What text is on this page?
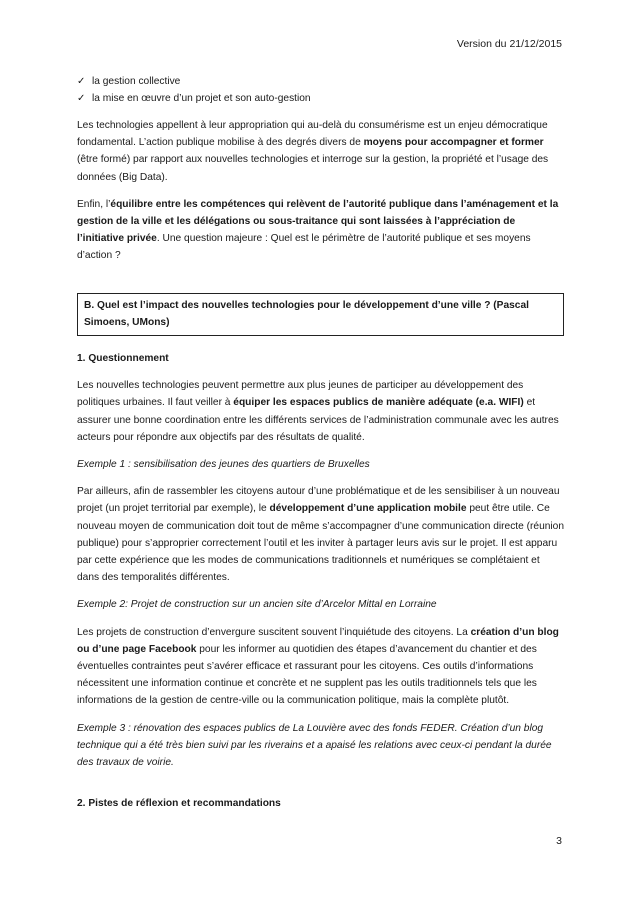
Version du 21/12/2015
✓ la gestion collective
✓ la mise en œuvre d’un projet et son auto-gestion

Les technologies appellent à leur appropriation qui au-delà du consumérisme est un enjeu démocratique fondamental. L’action publique mobilise à des degrés divers de moyens pour accompagner et former (être formé) par rapport aux nouvelles technologies et interroge sur la gestion, la propriété et l’usage des données (Big Data).

Enfin, l’équilibre entre les compétences qui relèvent de l’autorité publique dans l’aménagement et la gestion de la ville et les délégations ou sous-traitance qui sont laissées à l’appréciation de l’initiative privée. Une question majeure : Quel est le périmètre de l’autorité publique et ses moyens d’action ?

B. Quel est l’impact des nouvelles technologies pour le développement d’une ville ? (Pascal Simoens, UMons)
1. Questionnement

Les nouvelles technologies peuvent permettre aux plus jeunes de participer au développement des politiques urbaines. Il faut veiller à équiper les espaces publics de manière adéquate (e.a. WIFI) et assurer une bonne coordination entre les différents services de l’administration communale avec les autres acteurs pour répondre aux objectifs par des résultats de qualité.

Exemple 1 : sensibilisation des jeunes des quartiers de Bruxelles

Par ailleurs, afin de rassembler les citoyens autour d’une problématique et de les sensibiliser à un nouveau projet (un projet territorial par exemple), le développement d’une application mobile peut être utile. Ce nouveau moyen de communication doit tout de même s’accompagner d’une communication directe (réunion publique) pour s’approprier correctement l’outil et les inviter à partager leurs avis sur le projet. Il est apparu par cette expérience que les modes de communications traditionnels et numériques se complétaient et dans des temporalités différentes.

Exemple 2: Projet de construction sur un ancien site d’Arcelor Mittal en Lorraine

Les projets de construction d’envergure suscitent souvent l’inquiétude des citoyens. La création d’un blog ou d’une page Facebook pour les informer au quotidien des étapes d’avancement du chantier et des éventuelles contraintes peut s’avérer efficace et rassurant pour les citoyens. Ces outils d’informations nécessitent une information continue et concrète et ne supplent pas les outils traditionnels tels que les informations de la gestion de centre-ville ou la communication politique, mais la complète plutôt.

Exemple 3 : rénovation des espaces publics de La Louvière avec des fonds FEDER. Création d’un blog technique qui a été très bien suivi par les riverains et a apaisé les relations avec ceux-ci pendant la durée des travaux de voirie.
2. Pistes de réflexion et recommandations
3
